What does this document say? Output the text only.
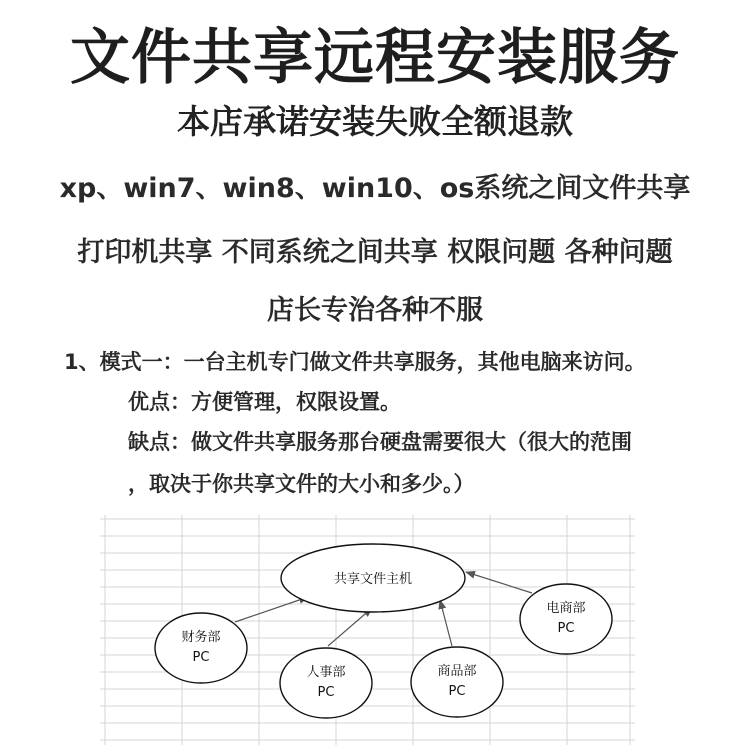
文件共享远程安装服务
本店承诺安装失败全额退款
xp、win7、win8、win10、os系统之间文件共享
打印机共享 不同系统之间共享 权限问题 各种问题
店长专治各种不服
1、模式一：一台主机专门做文件共享服务，其他电脑来访问。
优点：方便管理，权限设置。
缺点：做文件共享服务那台硬盘需要很大（很大的范围
，取决于你共享文件的大小和多少。）
共享文件主机
财务部
PC
人事部
PC
商品部
PC
电商部
PC
